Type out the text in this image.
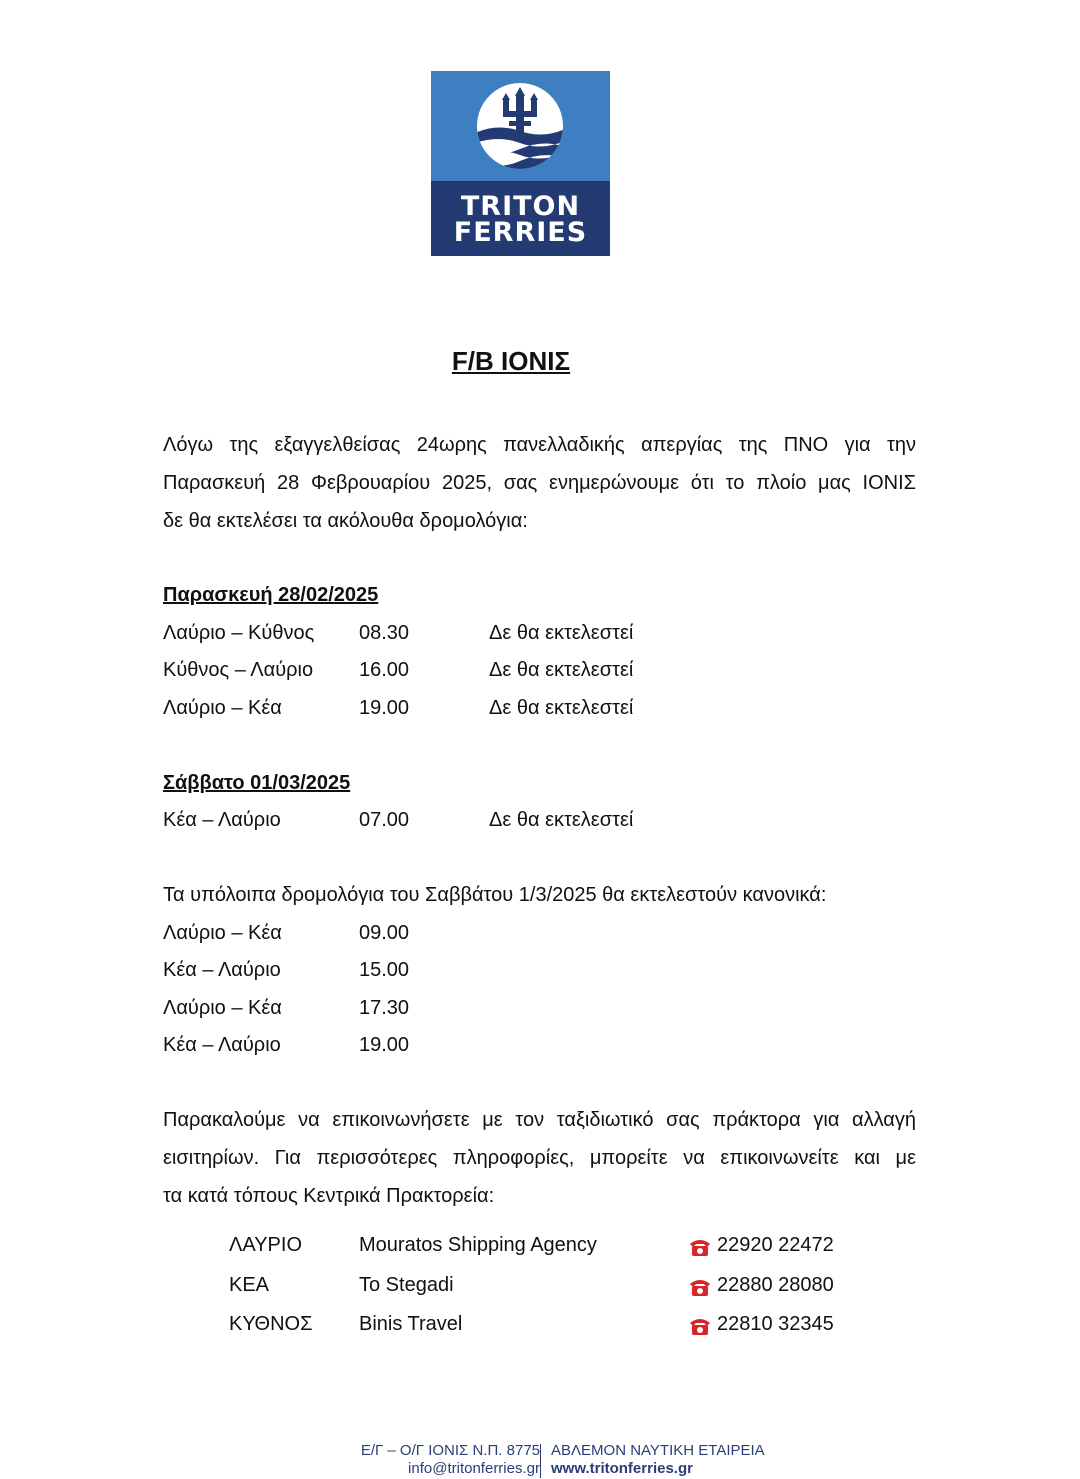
TRITON
FERRIES
F/B ΙΟΝΙΣ
Λόγω της εξαγγελθείσας 24ωρης πανελλαδικής απεργίας της ΠΝΟ για την
Παρασκευή 28 Φεβρουαρίου 2025, σας ενημερώνουμε ότι το πλοίο μας ΙΟΝΙΣ
δε θα εκτελέσει τα ακόλουθα δρομολόγια:
Παρασκευή 28/02/2025
Λαύριο – Κύθνος 08.30	Δε θα εκτελεστεί
Κύθνος – Λαύριο 16.00	Δε θα εκτελεστεί
Λαύριο – Κέα	19.00	Δε θα εκτελεστεί
Σάββατο 01/03/2025
Κέα – Λαύριο	07.00	Δε θα εκτελεστεί
Τα υπόλοιπα δρομολόγια του Σαββάτου 1/3/2025 θα εκτελεστούν κανονικά:
Λαύριο – Κέα	09.00
Κέα – Λαύριο	15.00
Λαύριο – Κέα	17.30
Κέα – Λαύριο	19.00
Παρακαλούμε να επικοινωνήσετε με τον ταξιδιωτικό σας πράκτορα για αλλαγή
εισιτηρίων. Για περισσότερες πληροφορίες, μπορείτε να επικοινωνείτε και με
τα κατά τόπους Κεντρικά Πρακτορεία:
ΛΑΥΡΙΟ	Mouratos Shipping Agency	22920 22472
ΚΕΑ	To Stegadi	22880 28080
ΚΥΘΝΟΣ Binis Travel	22810 32345
Ε/Γ – Ο/Γ ΙΟΝΙΣ Ν.Π. 8775
info@tritonferries.gr
ΑΒΛΕΜΟΝ ΝΑΥΤΙΚΗ ΕΤΑΙΡΕΙΑ
www.tritonferries.gr
